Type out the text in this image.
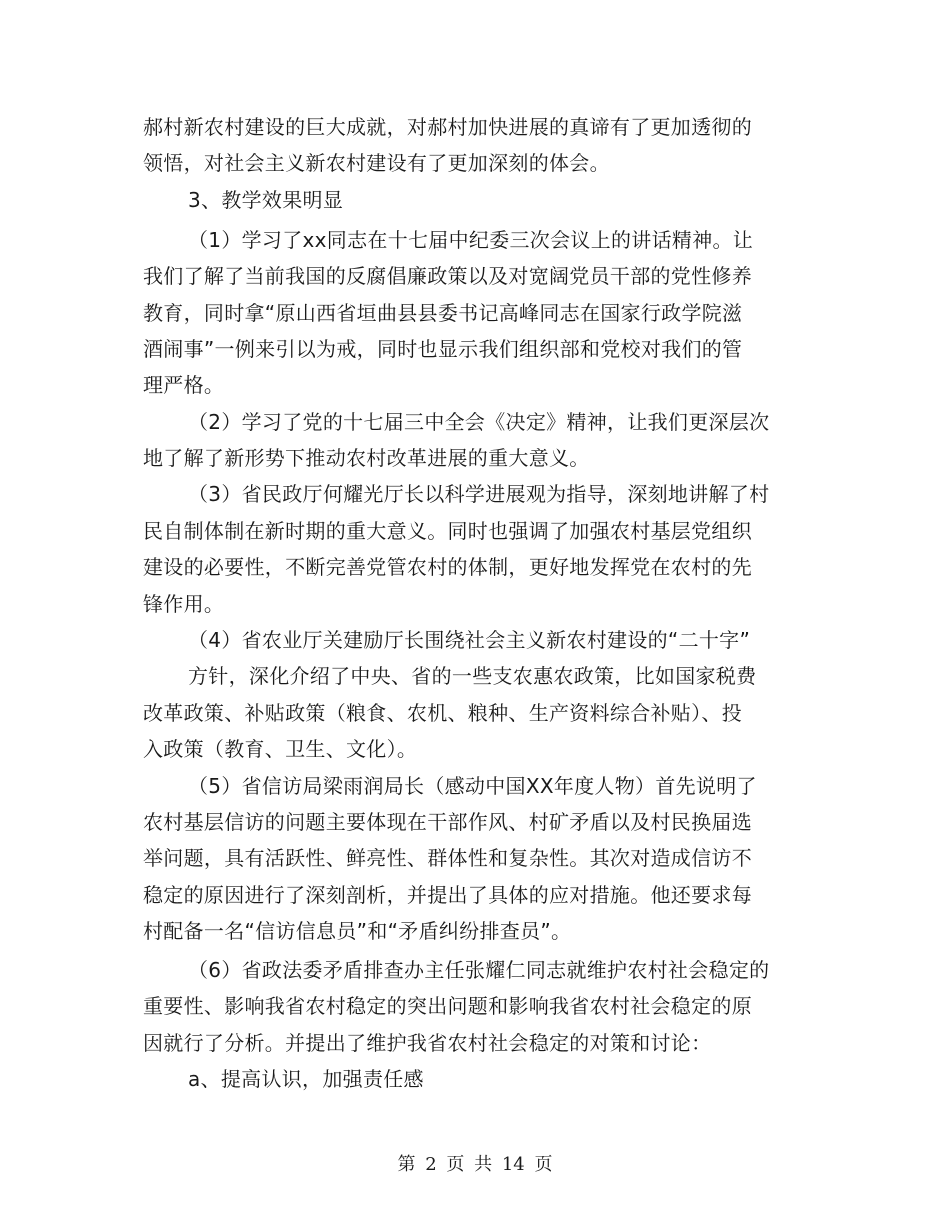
郝村新农村建设的巨大成就，对郝村加快进展的真谛有了更加透彻的
领悟，对社会主义新农村建设有了更加深刻的体会。
3、教学效果明显
（1）学习了xx同志在十七届中纪委三次会议上的讲话精神。让
我们了解了当前我国的反腐倡廉政策以及对宽阔党员干部的党性修养
教育，同时拿“原山西省垣曲县县委书记高峰同志在国家行政学院滋
酒闹事”一例来引以为戒，同时也显示我们组织部和党校对我们的管
理严格。
（2）学习了党的十七届三中全会《决定》精神，让我们更深层次
地了解了新形势下推动农村改革进展的重大意义。
（3）省民政厅何耀光厅长以科学进展观为指导，深刻地讲解了村
民自制体制在新时期的重大意义。同时也强调了加强农村基层党组织
建设的必要性，不断完善党管农村的体制，更好地发挥党在农村的先
锋作用。
（4）省农业厅关建励厅长围绕社会主义新农村建设的“二十字”
方针，深化介绍了中央、省的一些支农惠农政策，比如国家税费
改革政策、补贴政策（粮食、农机、粮种、生产资料综合补贴）、投
入政策（教育、卫生、文化）。
（5）省信访局梁雨润局长（感动中国XX年度人物）首先说明了
农村基层信访的问题主要体现在干部作风、村矿矛盾以及村民换届选
举问题，具有活跃性、鲜亮性、群体性和复杂性。其次对造成信访不
稳定的原因进行了深刻剖析，并提出了具体的应对措施。他还要求每
村配备一名“信访信息员”和“矛盾纠纷排查员”。
（6）省政法委矛盾排查办主任张耀仁同志就维护农村社会稳定的
重要性、影响我省农村稳定的突出问题和影响我省农村社会稳定的原
因就行了分析。并提出了维护我省农村社会稳定的对策和讨论：
a、提高认识，加强责任感
第 2 页 共 14 页
